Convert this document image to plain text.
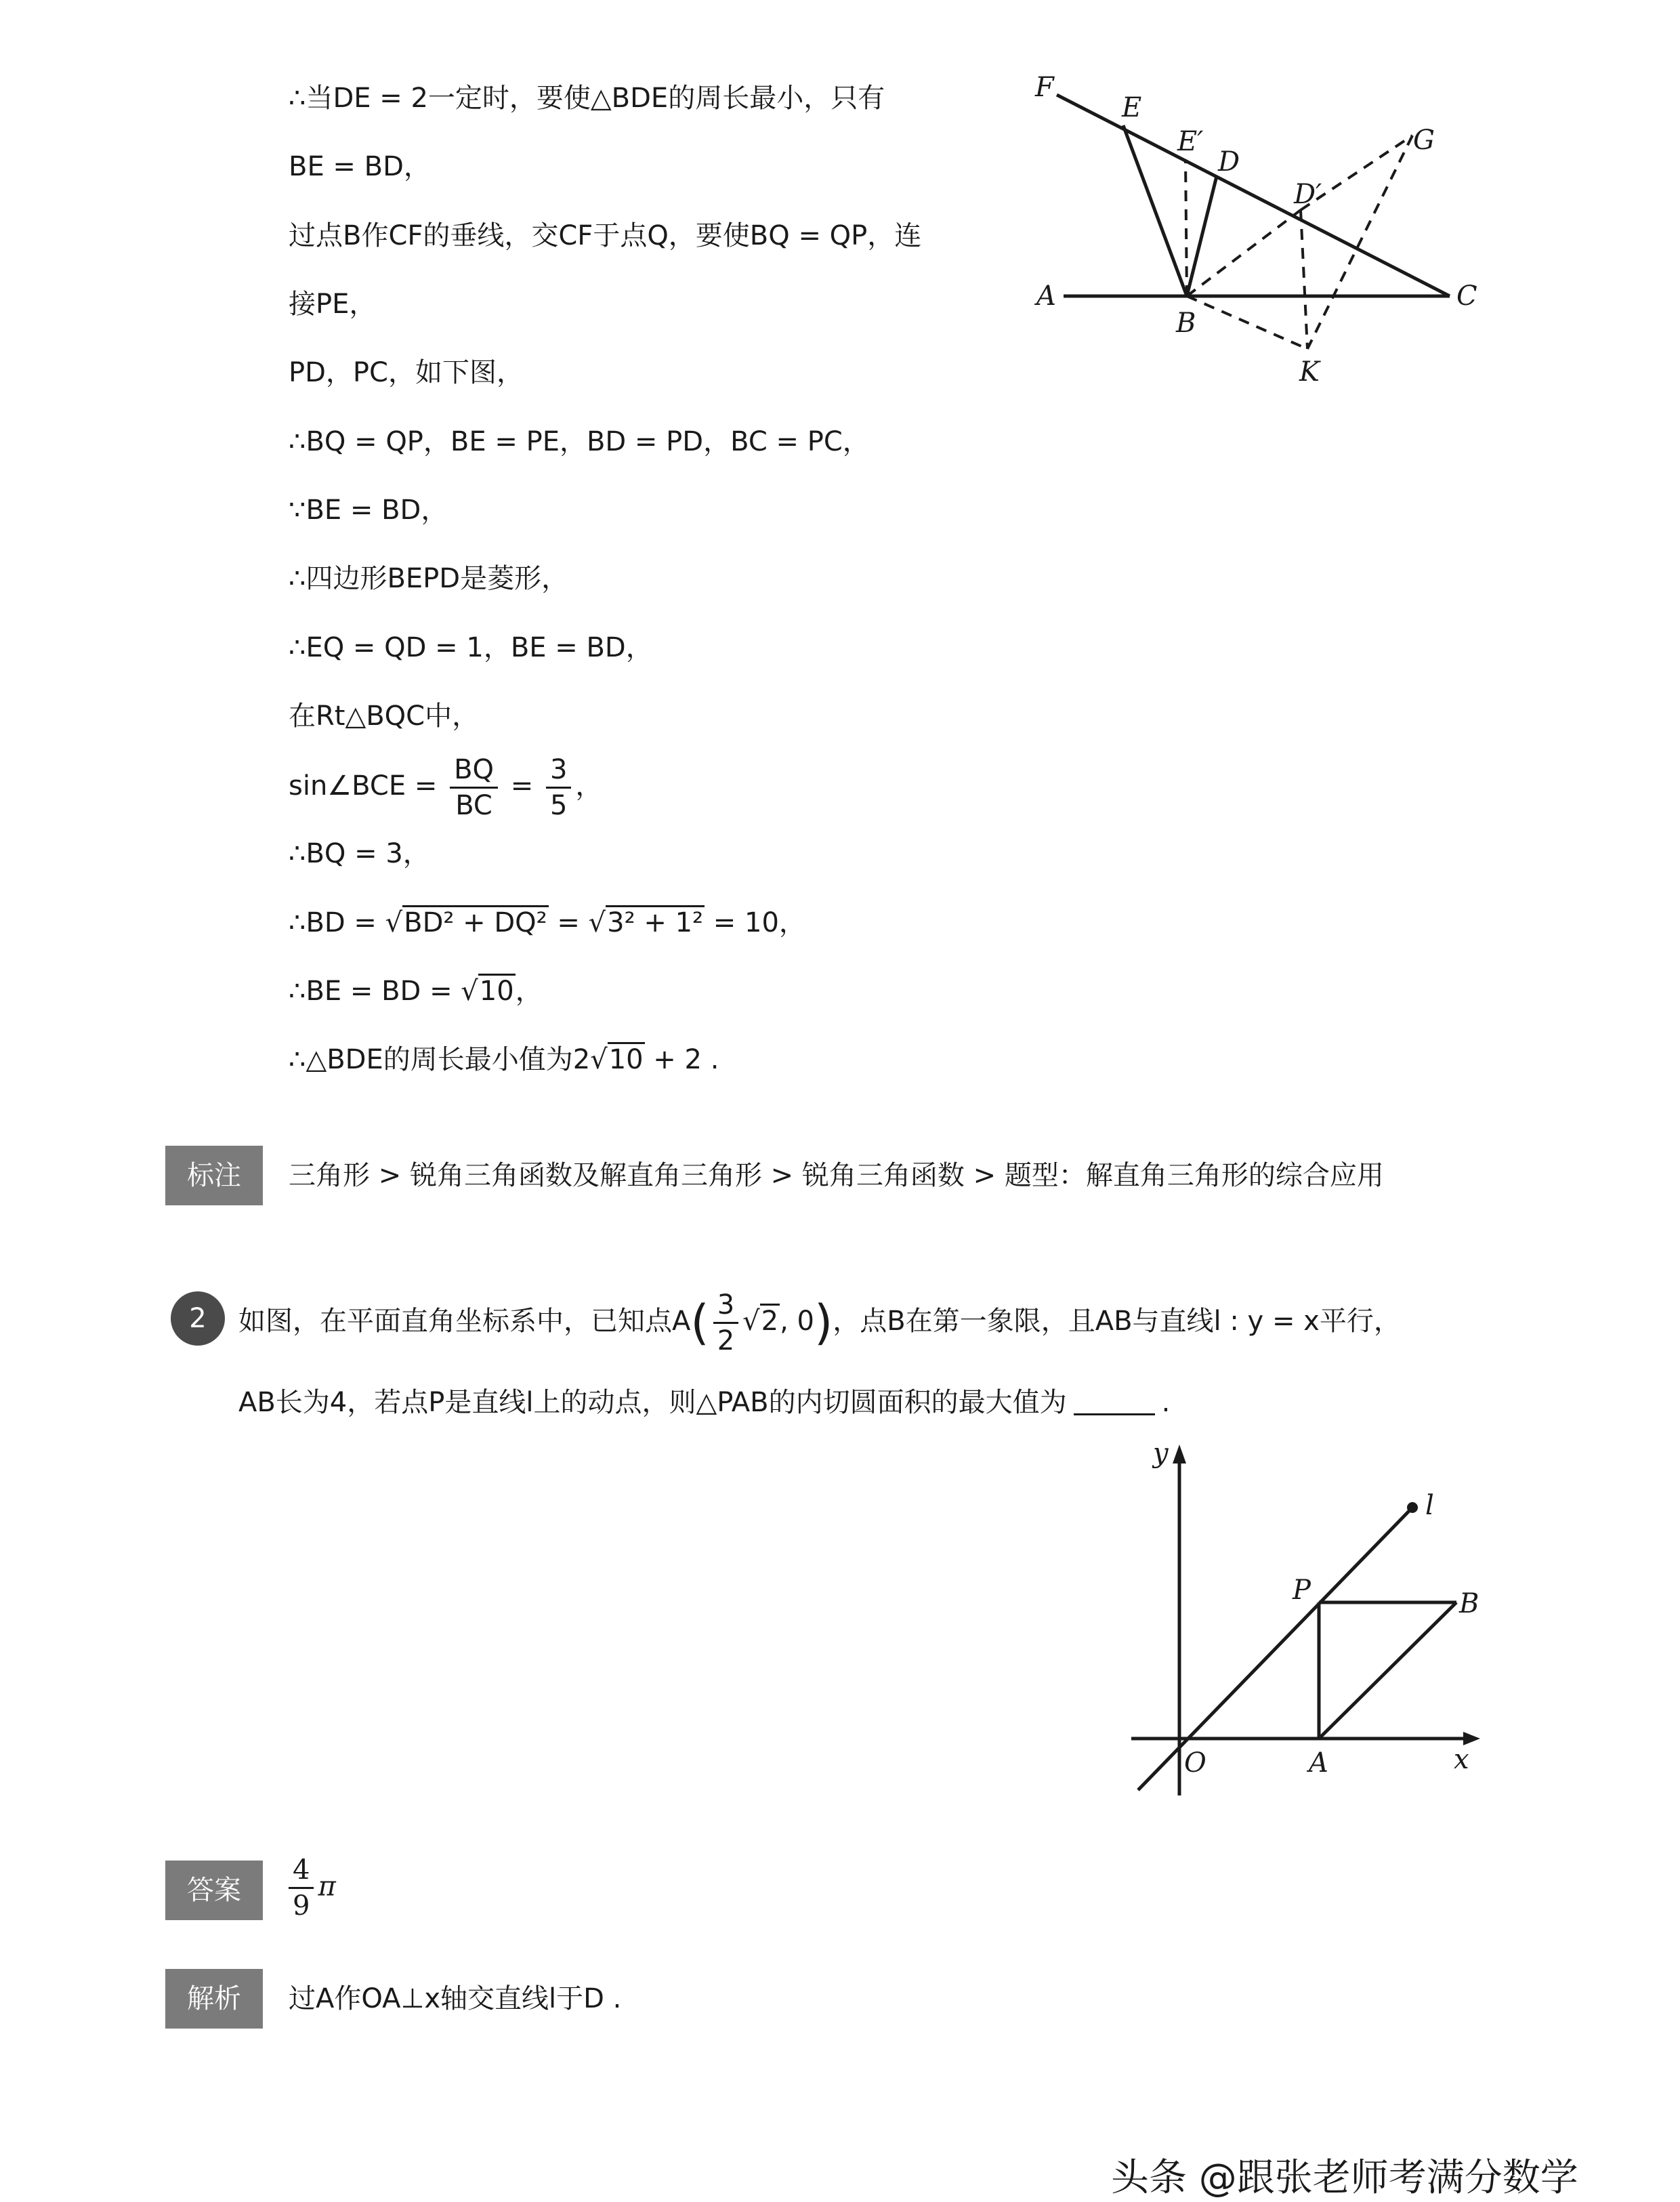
∴当DE = 2一定时，要使△BDE的周长最小，只有
BE = BD，
过点B作CF的垂线，交CF于点Q，要使BQ = QP，连
接PE，
PD，PC，如下图，
∴BQ = QP，BE = PE，BD = PD，BC = PC，
∵BE = BD，
∴四边形BEPD是菱形，
∴EQ = QD = 1，BE = BD，
在Rt△BQC中，
sin∠BCE = $\frac{BQ}{BC} = \frac{3}{5}$ ，
∴BQ = 3，
∴BD = √BD² + DQ² = √3² + 1² = 10，
∴BE = BD = √10，
∴△BDE的周长最小值为2√10 + 2 .
F
E
E′
D
D′
G
A
B
C
K
标注	三角形 > 锐角三角函数及解直角三角形 > 锐角三角函数 > 题型：解直角三角形的综合应用
2	如图，在平面直角坐标系中，已知点$A( \frac{3}{2} √2$, 0)，点B在第一象限，且AB与直线l : y = x平行，
AB长为4，若点P是直线l上的动点，则△PAB的内切圆面积的最大值为	.
y
l
P	B
O	A	x
答案	$\frac{4}{9}$ π
解析	过A作OA⊥x轴交直线l于D .
头条 @跟张老师考满分数学
